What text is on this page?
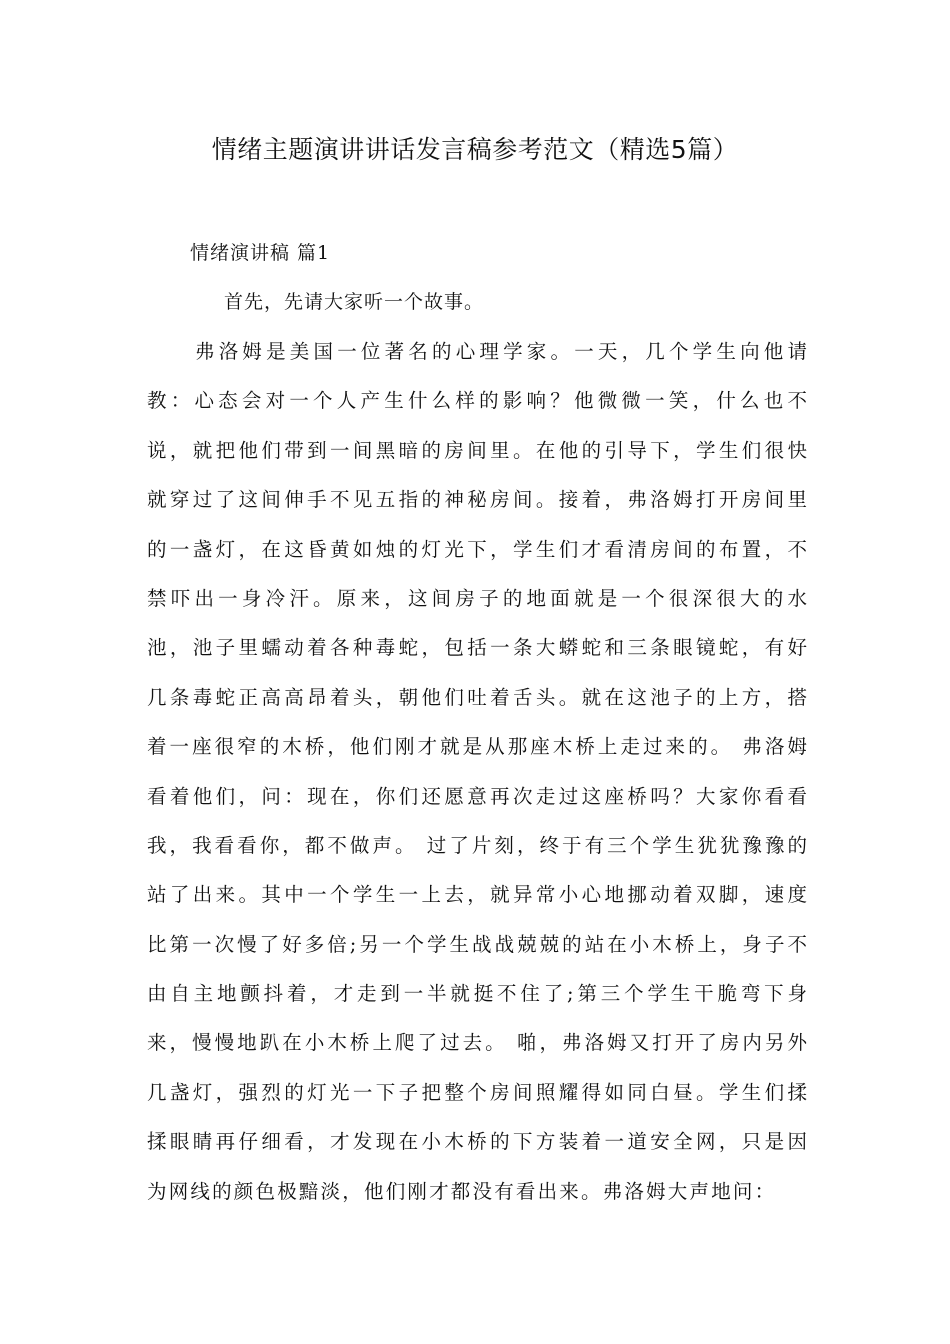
情绪主题演讲讲话发言稿参考范文（精选5篇）
情绪演讲稿 篇1
首先，先请大家听一个故事。
弗洛姆是美国一位著名的心理学家。一天，几个学生向他请
教：心态会对一个人产生什么样的影响？他微微一笑，什么也不
说，就把他们带到一间黑暗的房间里。在他的引导下，学生们很快
就穿过了这间伸手不见五指的神秘房间。接着，弗洛姆打开房间里
的一盏灯，在这昏黄如烛的灯光下，学生们才看清房间的布置，不
禁吓出一身冷汗。原来，这间房子的地面就是一个很深很大的水
池，池子里蠕动着各种毒蛇，包括一条大蟒蛇和三条眼镜蛇，有好
几条毒蛇正高高昂着头，朝他们吐着舌头。就在这池子的上方，搭
着一座很窄的木桥，他们刚才就是从那座木桥上走过来的。 弗洛姆
看着他们，问：现在，你们还愿意再次走过这座桥吗？大家你看看
我，我看看你，都不做声。 过了片刻，终于有三个学生犹犹豫豫的
站了出来。其中一个学生一上去，就异常小心地挪动着双脚，速度
比第一次慢了好多倍;另一个学生战战兢兢的站在小木桥上，身子不
由自主地颤抖着，才走到一半就挺不住了;第三个学生干脆弯下身
来，慢慢地趴在小木桥上爬了过去。 啪，弗洛姆又打开了房内另外
几盏灯，强烈的灯光一下子把整个房间照耀得如同白昼。学生们揉
揉眼睛再仔细看，才发现在小木桥的下方装着一道安全网，只是因
为网线的颜色极黯淡，他们刚才都没有看出来。弗洛姆大声地问：
